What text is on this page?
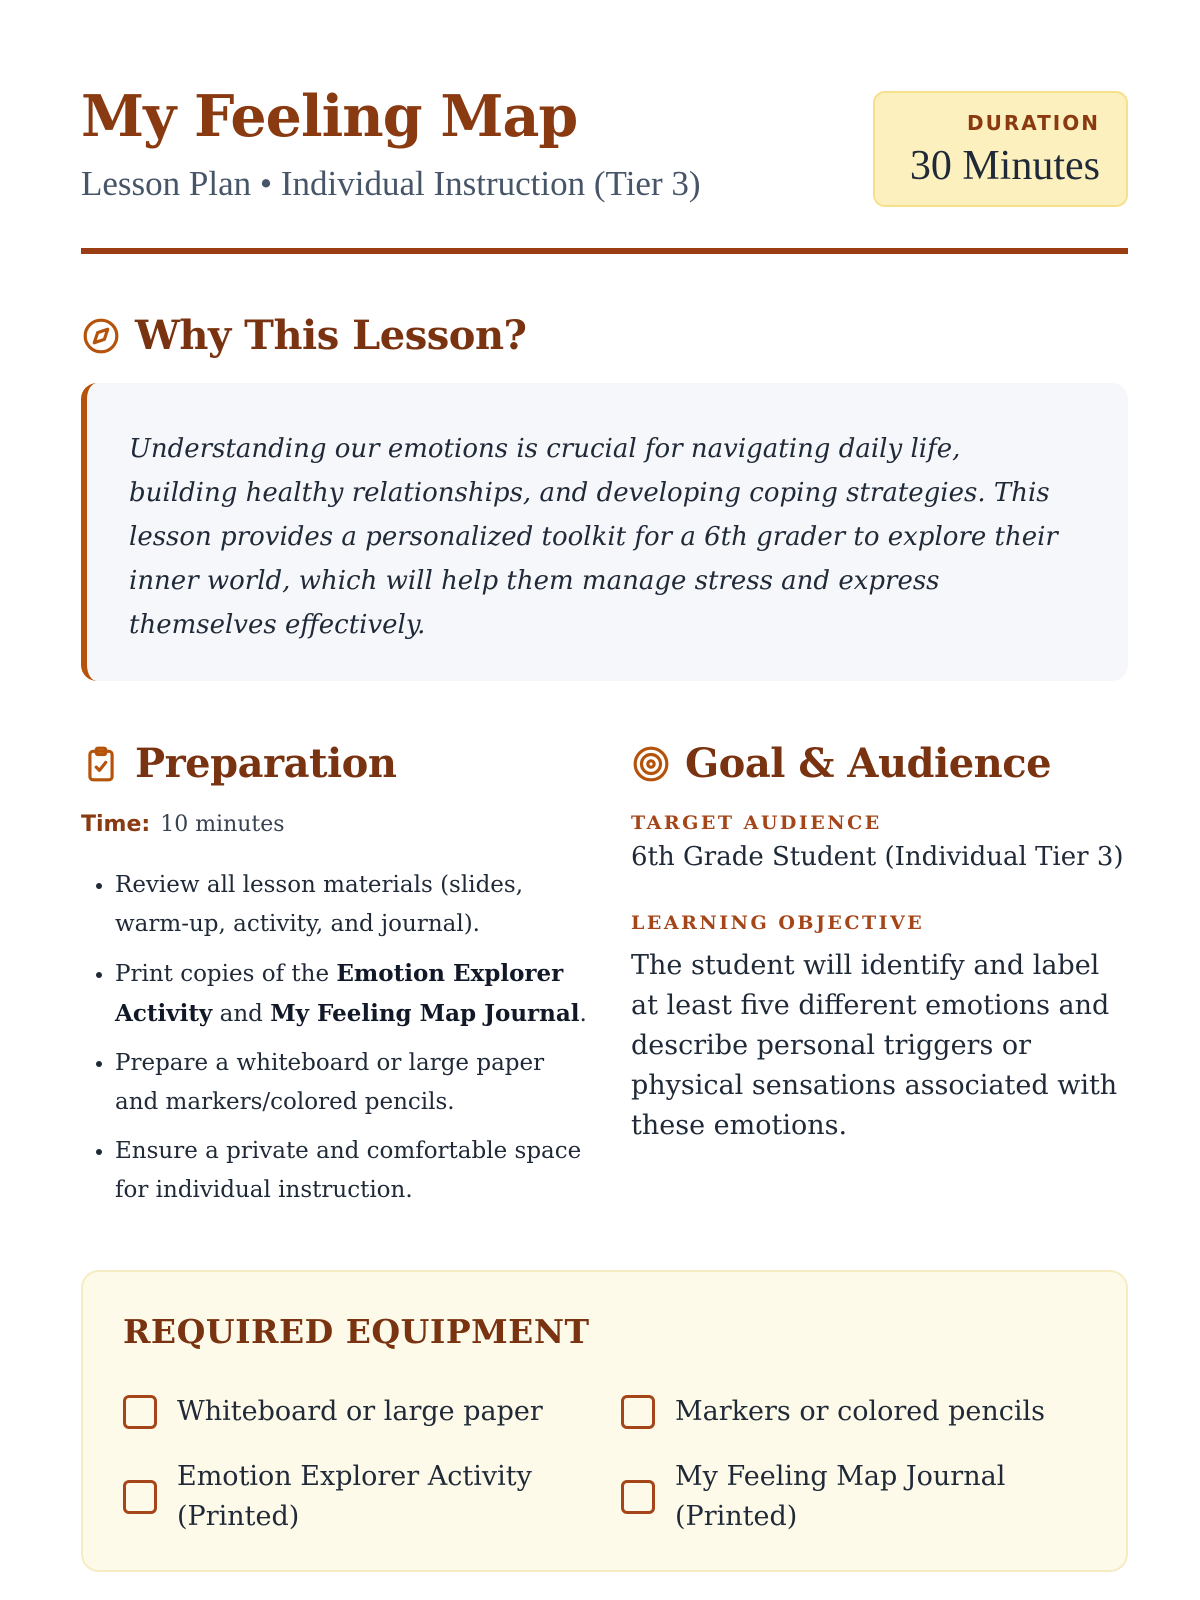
My Feeling Map
Lesson Plan • Individual Instruction (Tier 3)
DURATION
30 Minutes
Why This Lesson?

Understanding our emotions is crucial for navigating daily life, building healthy relationships, and developing coping strategies. This lesson provides a personalized toolkit for a 6th grader to explore their inner world, which will help them manage stress and express themselves effectively.

Preparation
Time: 10 minutes
• Review all lesson materials (slides, warm-up, activity, and journal).
• Print copies of the Emotion Explorer Activity and My Feeling Map Journal.
• Prepare a whiteboard or large paper and markers/colored pencils.
• Ensure a private and comfortable space for individual instruction.
Goal & Audience
TARGET AUDIENCE
6th Grade Student (Individual Tier 3)
LEARNING OBJECTIVE

The student will identify and label at least five different emotions and describe personal triggers or physical sensations associated with these emotions.

REQUIRED EQUIPMENT
Whiteboard or large paper	Markers or colored pencils
Emotion Explorer Activity (Printed)
My Feeling Map Journal (Printed)
